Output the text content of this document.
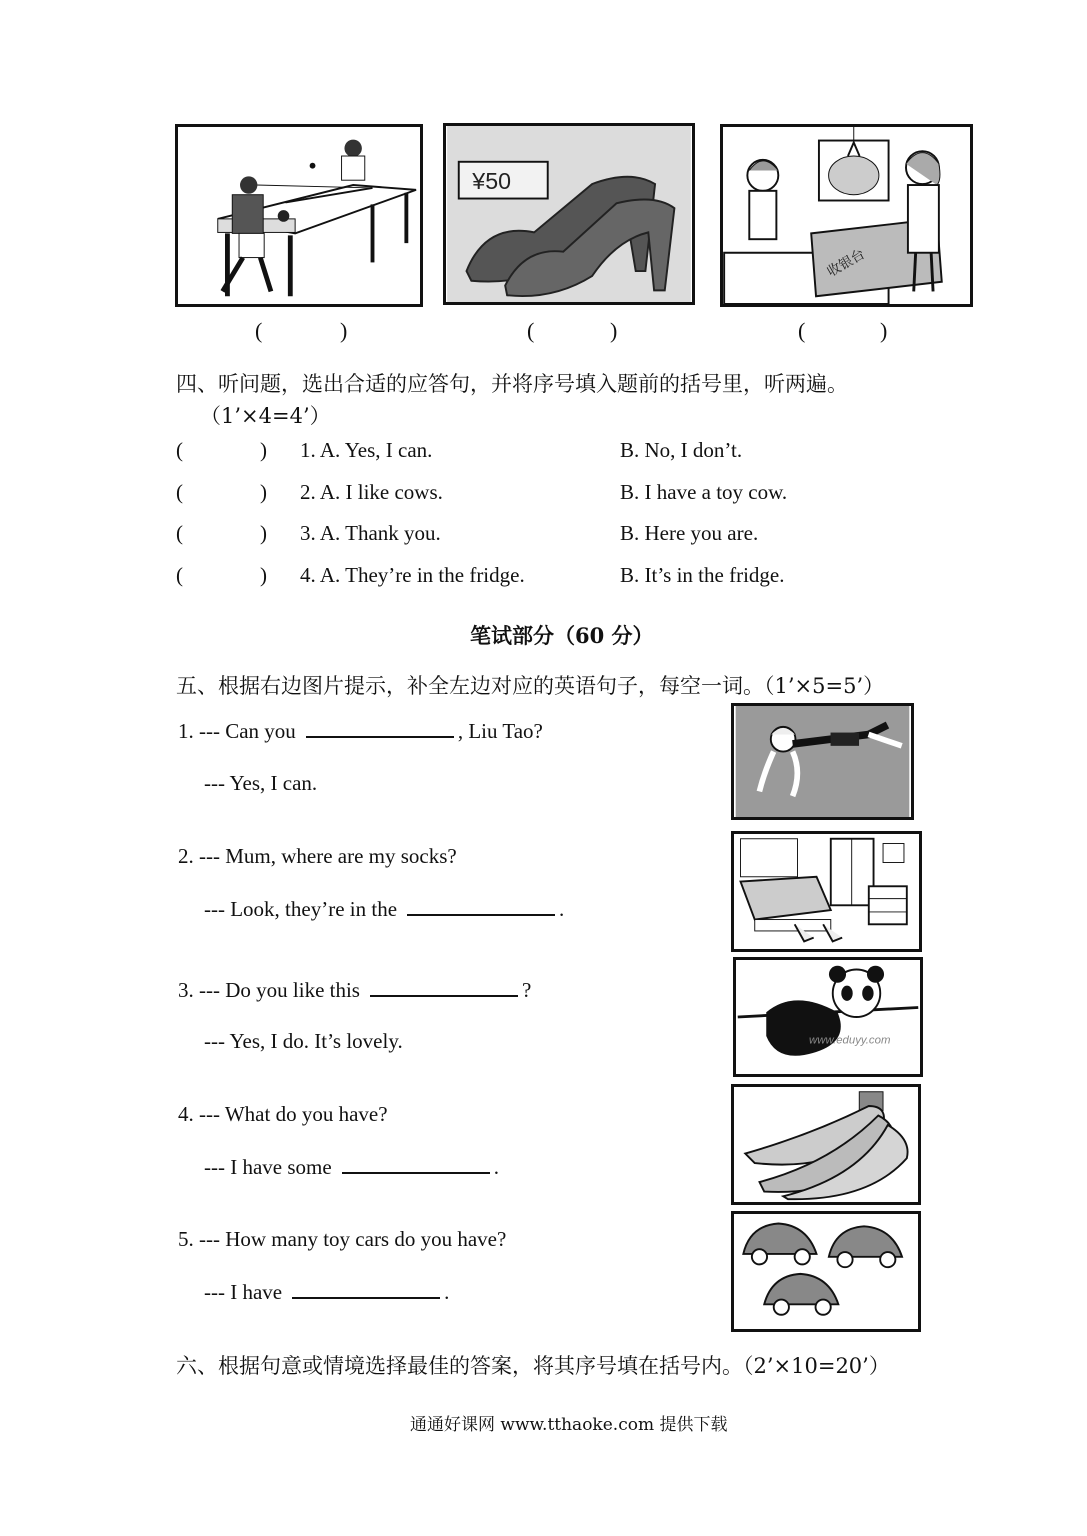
¥50
收银台
(	)	(	)	(	)
四、听问题，选出合适的应答句，并将序号填入题前的括号里，听两遍。
（1’×4=4’）
(	) 1. A. Yes, I can.	B. No, I don’t.
(	) 2. A. I like cows.	B. I have a toy cow.
(	) 3. A. Thank you.	B. Here you are.
(	) 4. A. They’re in the fridge.	B. It’s in the fridge.
笔试部分（60 分）
五、根据右边图片提示，补全左边对应的英语句子，每空一词。（1’×5=5’）
1. --- Can you	, Liu Tao?
--- Yes, I can.
2. --- Mum, where are my socks?
--- Look, they’re in the	.
3. --- Do you like this	?
--- Yes, I do. It’s lovely.
4. --- What do you have?
--- I have some	.
5. --- How many toy cars do you have?
--- I have	.
www.eduyy.com
六、根据句意或情境选择最佳的答案，将其序号填在括号内。（2’×10=20’）
通通好课网 www.tthaoke.com 提供下载
